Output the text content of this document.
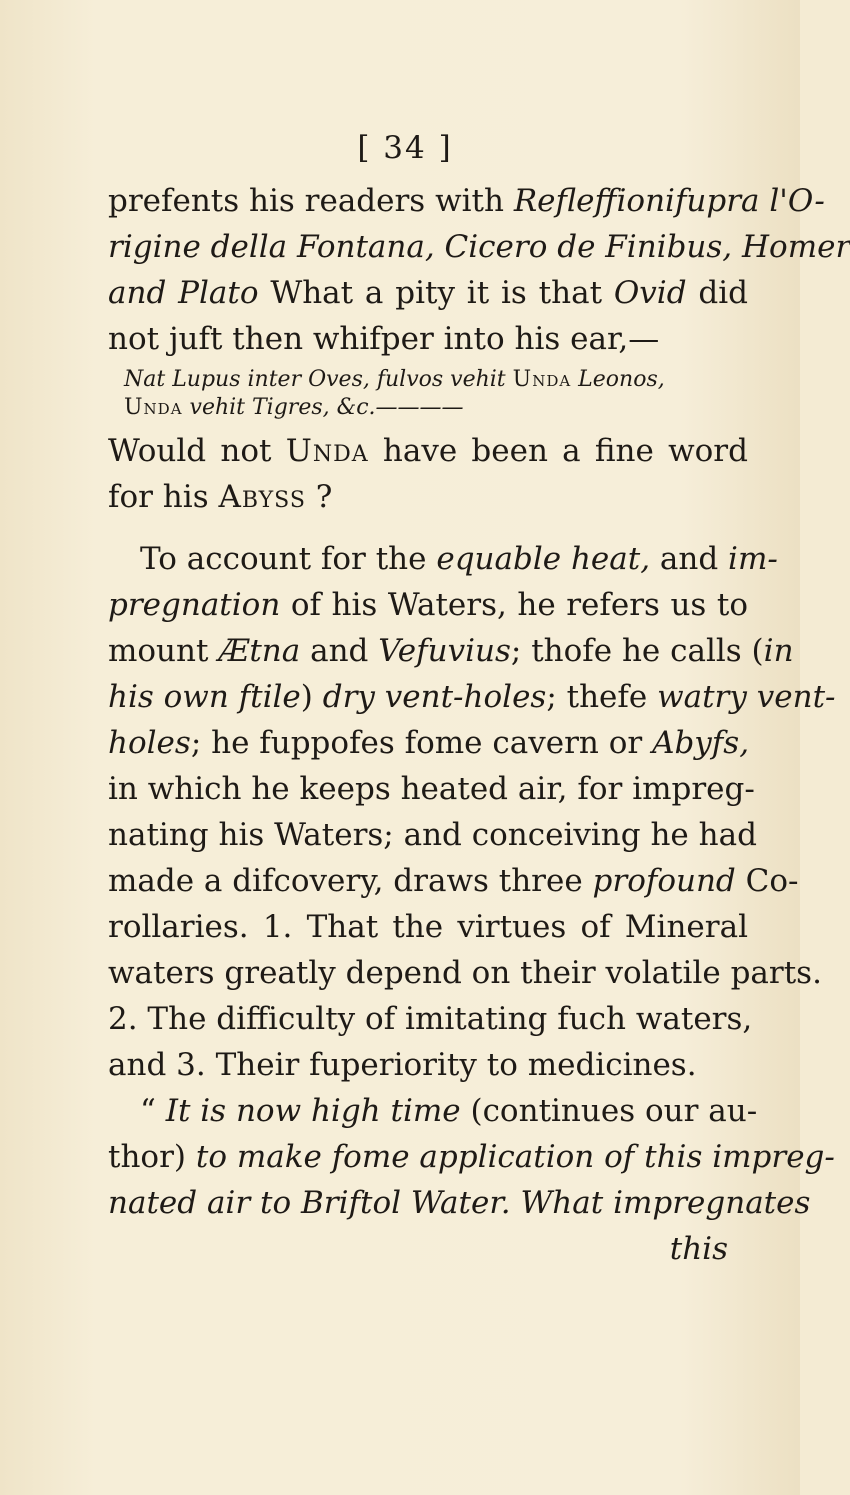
[ 34 ]
prefents his readers with Refleffionifupra l'O-
rigine della Fontana, Cicero de Finibus, Homer
and Plato What a pity it is that Ovid did
not juft then whifper into his ear,—
Nat Lupus inter Oves, fulvos vehit Unda Leonos,
Unda vehit Tigres, &c.————
Would not Unda have been a fine word
for his Abyss ?
To account for the equable heat, and im-
pregnation of his Waters, he refers us to
mount Ætna and Vefuvius; thofe he calls (in
his own ftile) dry vent-holes; thefe watry vent-
holes; he fuppofes fome cavern or Abyfs,
in which he keeps heated air, for impreg-
nating his Waters; and conceiving he had
made a difcovery, draws three profound Co-
rollaries. 1. That the virtues of Mineral
waters greatly depend on their volatile parts.
2. The difficulty of imitating fuch waters,
and 3. Their fuperiority to medicines.
“ It is now high time (continues our au-
thor) to make fome application of this impreg-
nated air to Briftol Water. What impregnates
this
